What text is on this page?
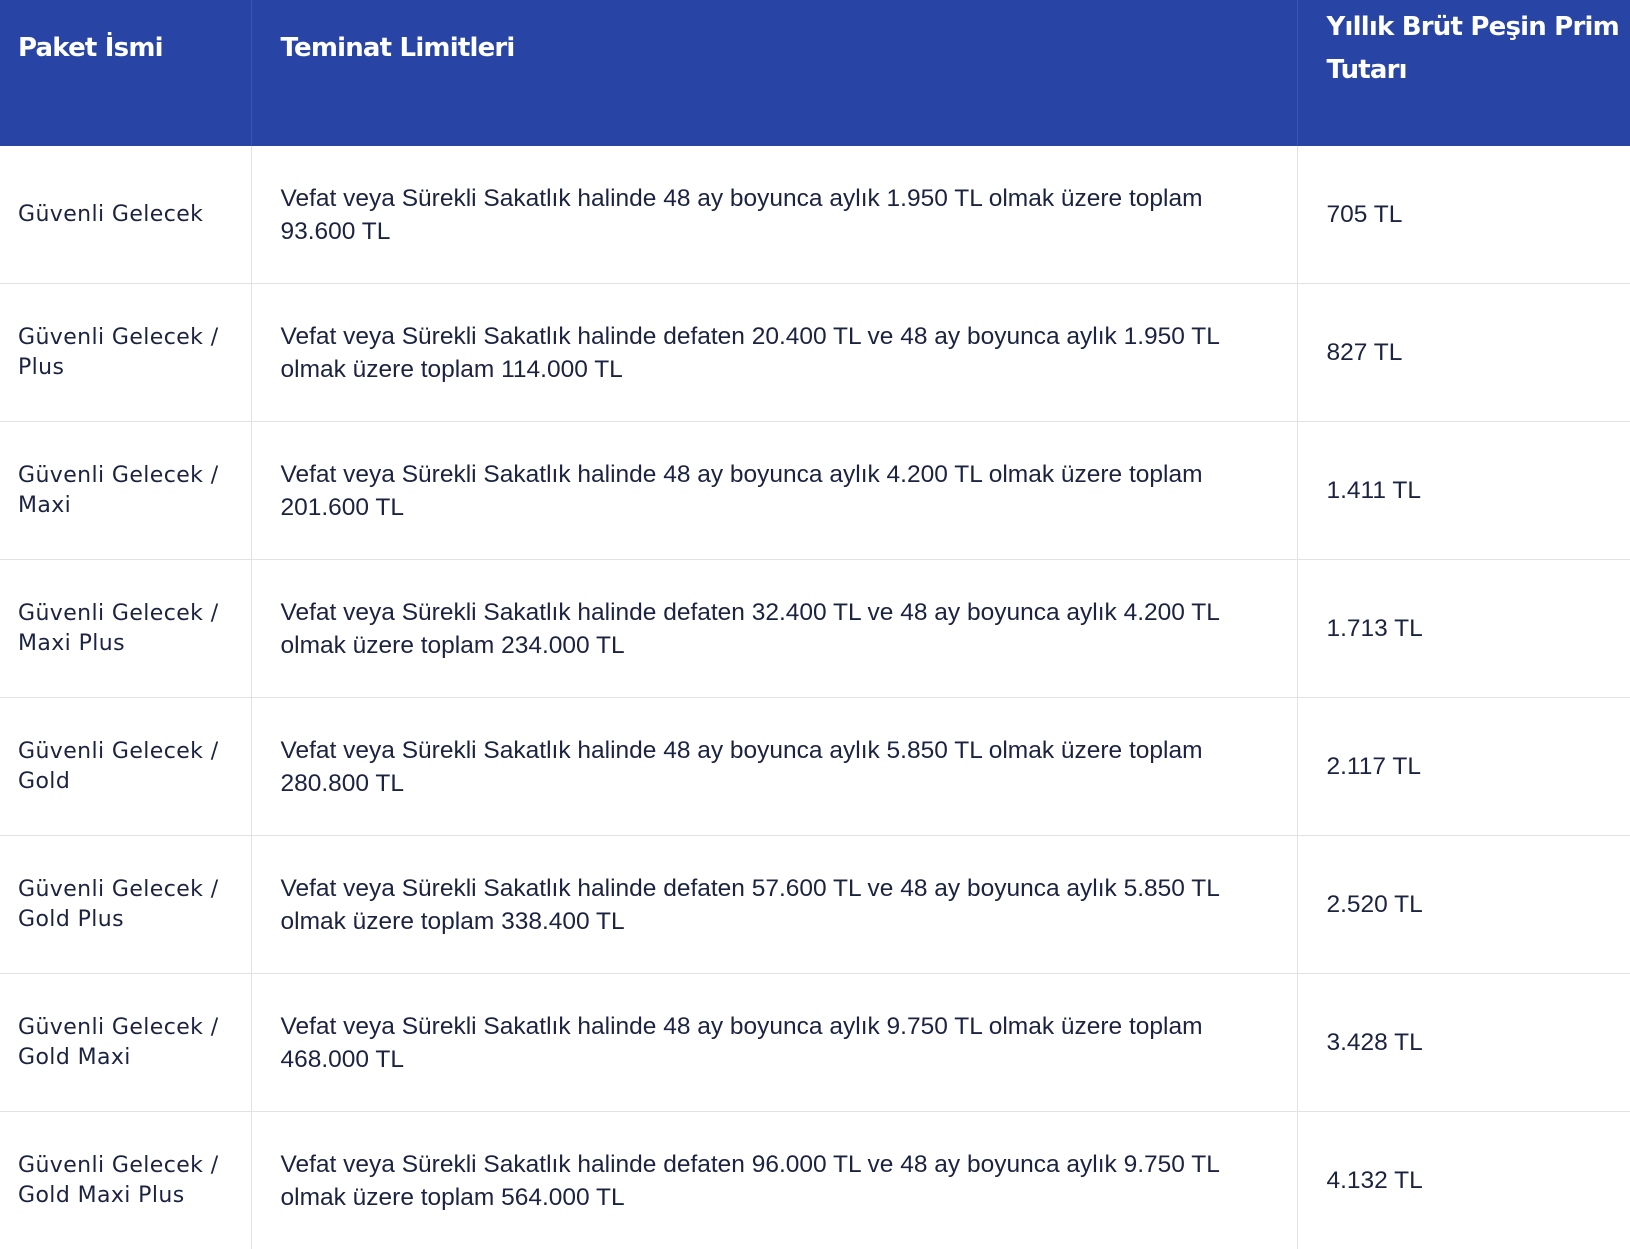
Paket İsmi	Teminat Limitleri	Yıllık Brüt Peşin Prim Tutarı

Güvenli Gelecek	Vefat veya Sürekli Sakatlık halinde 48 ay boyunca aylık 1.950 TL olmak üzere toplam 93.600 TL	705 TL
Güvenli Gelecek / Plus	Vefat veya Sürekli Sakatlık halinde defaten 20.400 TL ve 48 ay boyunca aylık 1.950 TL olmak üzere toplam 114.000 TL	827 TL
Güvenli Gelecek / Maxi	Vefat veya Sürekli Sakatlık halinde 48 ay boyunca aylık 4.200 TL olmak üzere toplam 201.600 TL	1.411 TL
Güvenli Gelecek / Maxi Plus	Vefat veya Sürekli Sakatlık halinde defaten 32.400 TL ve 48 ay boyunca aylık 4.200 TL olmak üzere toplam 234.000 TL	1.713 TL
Güvenli Gelecek / Gold	Vefat veya Sürekli Sakatlık halinde 48 ay boyunca aylık 5.850 TL olmak üzere toplam 280.800 TL	2.117 TL
Güvenli Gelecek / Gold Plus	Vefat veya Sürekli Sakatlık halinde defaten 57.600 TL ve 48 ay boyunca aylık 5.850 TL olmak üzere toplam 338.400 TL	2.520 TL
Güvenli Gelecek / Gold Maxi	Vefat veya Sürekli Sakatlık halinde 48 ay boyunca aylık 9.750 TL olmak üzere toplam 468.000 TL	3.428 TL
Güvenli Gelecek / Gold Maxi Plus	Vefat veya Sürekli Sakatlık halinde defaten 96.000 TL ve 48 ay boyunca aylık 9.750 TL olmak üzere toplam 564.000 TL	4.132 TL
